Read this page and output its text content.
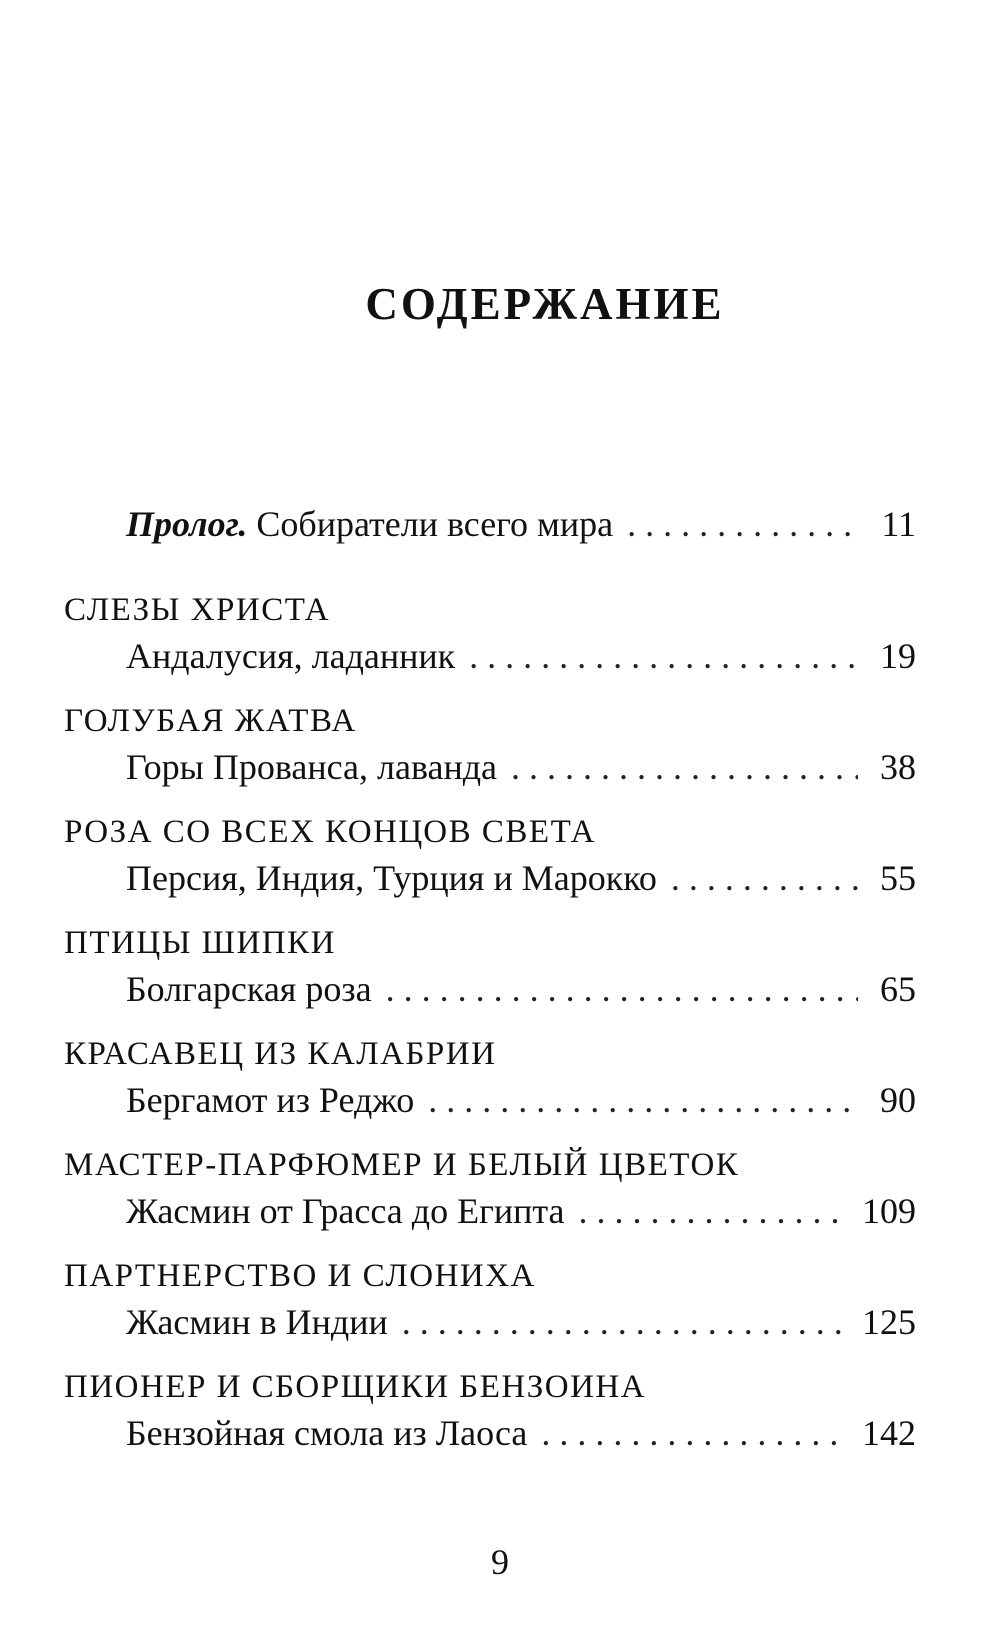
СОДЕРЖАНИЕ
Пролог. Собиратели всего мира . . .	11
СЛЕЗЫ ХРИСТА
Андалусия, ладанник . . .	19
ГОЛУБАЯ ЖАТВА
Горы Прованса, лаванда . . .	38
РОЗА СО ВСЕХ КОНЦОВ СВЕТА
Персия, Индия, Турция и Марокко . . .	55
ПТИЦЫ ШИПКИ
Болгарская роза . . .	65
КРАСАВЕЦ ИЗ КАЛАБРИИ
Бергамот из Реджо . . .	90
МАСТЕР-ПАРФЮМЕР И БЕЛЫЙ ЦВЕТОК
Жасмин от Грасса до Египта . . .	109
ПАРТНЕРСТВО И СЛОНИХА
Жасмин в Индии . . .	125
ПИОНЕР И СБОРЩИКИ БЕНЗОИНА
Бензойная смола из Лаоса . . .	142
9
